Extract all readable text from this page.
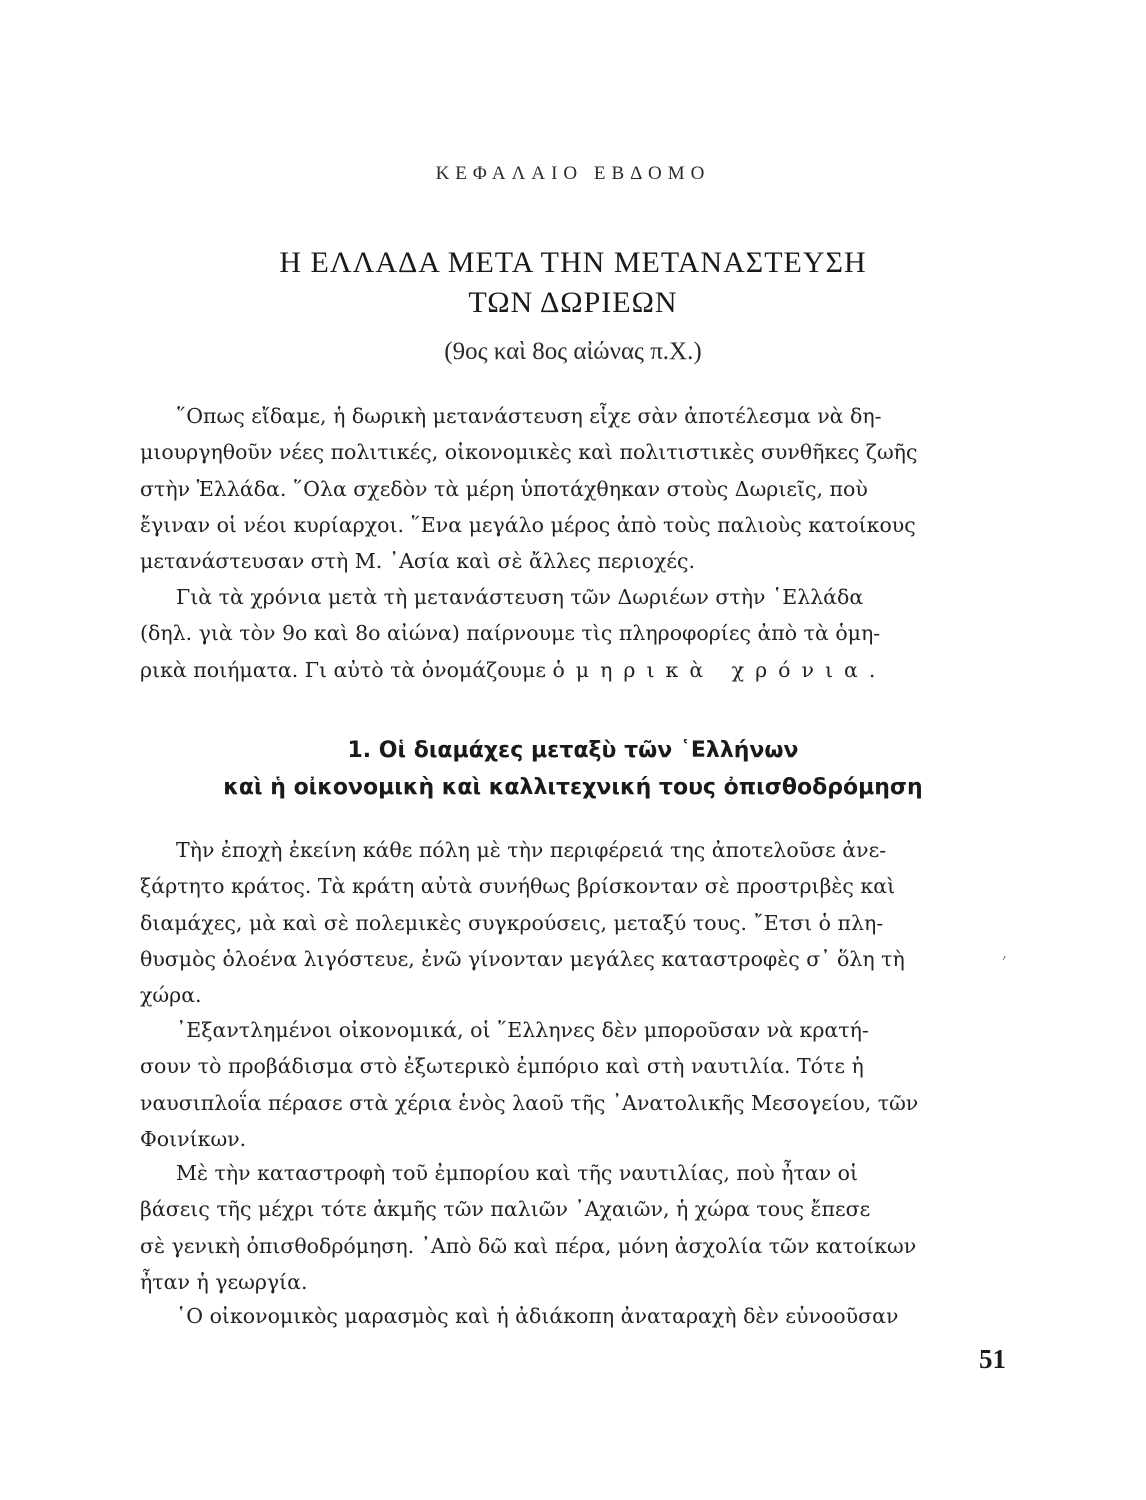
ΚΕΦΑΛΑΙΟ ΕΒΔΟΜΟ
Η ΕΛΛΑΔΑ ΜΕΤΑ ΤΗΝ ΜΕΤΑΝΑΣΤΕΥΣΗ
ΤΩΝ ΔΩΡΙΕΩΝ
(9ος καὶ 8ος αἰώνας π.Χ.)

῞Οπως εἴδαμε, ἡ δωρικὴ μετανάστευση εἶχε σὰν ἀποτέλεσμα νὰ δη-
μιουργηθοῦν νέες πολιτικές, οἰκονομικὲς καὶ πολιτιστικὲς συνθῆκες ζωῆς
στὴν Ἑλλάδα. ῞Ολα σχεδὸν τὰ μέρη ὑποτάχθηκαν στοὺς Δωριεῖς, ποὺ
ἔγιναν οἱ νέοι κυρίαρχοι. ῞Ενα μεγάλο μέρος ἀπὸ τοὺς παλιοὺς κατοίκους
μετανάστευσαν στὴ Μ. ᾿Ασία καὶ σὲ ἄλλες περιοχές.

Γιὰ τὰ χρόνια μετὰ τὴ μετανάστευση τῶν Δωριέων στὴν ῾Ελλάδα
(δηλ. γιὰ τὸν 9ο καὶ 8ο αἰώνα) παίρνουμε τὶς πληροφορίες ἀπὸ τὰ ὁμη-
ρικὰ ποιήματα. Γι αὐτὸ τὰ ὀνομάζουμε ὁμηρικὰ χρόνια.

1. Οἱ διαμάχες μεταξὺ τῶν ῾Ελλήνων
καὶ ἡ οἰκονομικὴ καὶ καλλιτεχνική τους ὀπισθοδρόμηση

Τὴν ἐποχὴ ἐκείνη κάθε πόλη μὲ τὴν περιφέρειά της ἀποτελοῦσε ἀνε-
ξάρτητο κράτος. Τὰ κράτη αὐτὰ συνήθως βρίσκονταν σὲ προστριβὲς καὶ
διαμάχες, μὰ καὶ σὲ πολεμικὲς συγκρούσεις, μεταξύ τους. ῎Ετσι ὁ πλη-
θυσμὸς ὁλοένα λιγόστευε, ἐνῶ γίνονταν μεγάλες καταστροφὲς σ᾿ ὅλη τὴ
χώρα.

,

᾿Εξαντλημένοι οἰκονομικά, οἱ ῞Ελληνες δὲν μποροῦσαν νὰ κρατή-
σουν τὸ προβάδισμα στὸ ἐξωτερικὸ ἐμπόριο καὶ στὴ ναυτιλία. Τότε ἡ
ναυσιπλοΐα πέρασε στὰ χέρια ἑνὸς λαοῦ τῆς ᾿Ανατολικῆς Μεσογείου, τῶν
Φοινίκων.

Μὲ τὴν καταστροφὴ τοῦ ἐμπορίου καὶ τῆς ναυτιλίας, ποὺ ἦταν οἱ
βάσεις τῆς μέχρι τότε ἀκμῆς τῶν παλιῶν ᾿Αχαιῶν, ἡ χώρα τους ἔπεσε
σὲ γενικὴ ὀπισθοδρόμηση. ᾿Απὸ δῶ καὶ πέρα, μόνη ἀσχολία τῶν κατοίκων
ἦταν ἡ γεωργία.

῾Ο οἰκονομικὸς μαρασμὸς καὶ ἡ ἀδιάκοπη ἀναταραχὴ δὲν εὐνοοῦσαν

51
